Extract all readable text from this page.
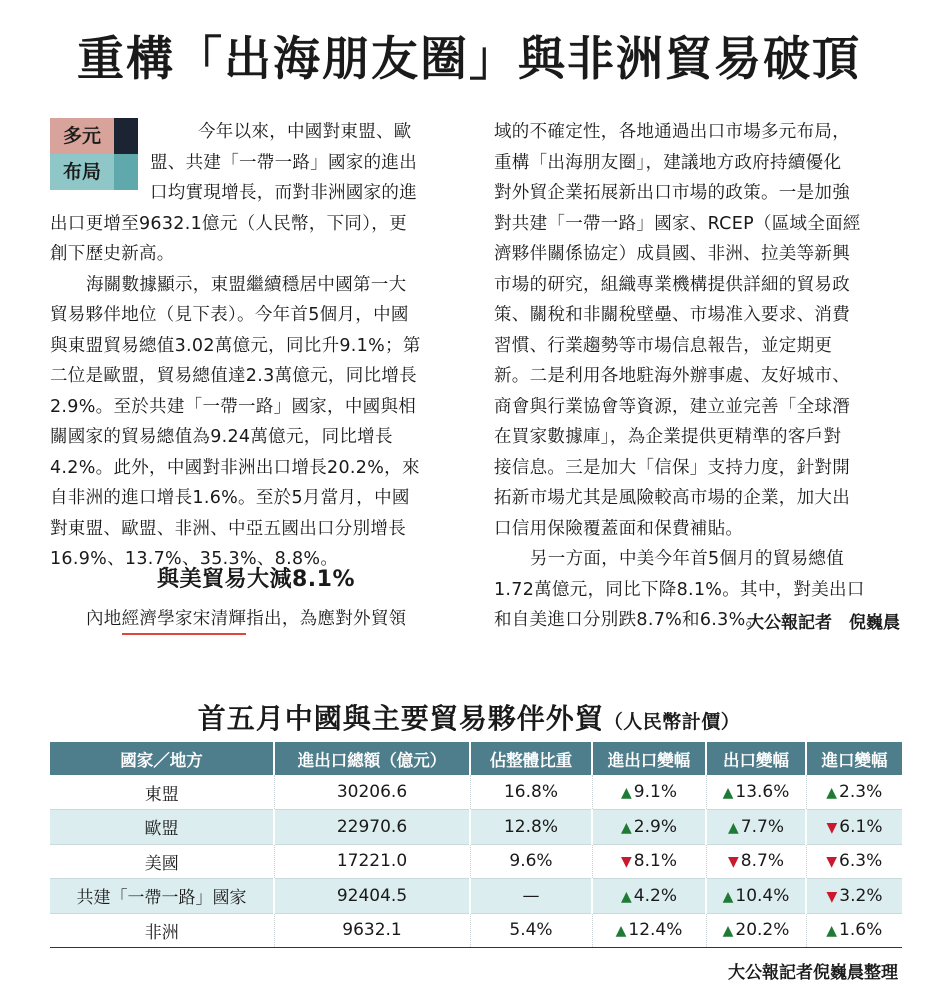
重構「出海朋友圈」與非洲貿易破頂
多元
布局
今年以來，中國對東盟、歐
盟、共建「一帶一路」國家的進出
口均實現增長，而對非洲國家的進
出口更增至9632.1億元（人民幣，下同），更
創下歷史新高。
海關數據顯示，東盟繼續穩居中國第一大
貿易夥伴地位（見下表）。今年首5個月，中國
與東盟貿易總值3.02萬億元，同比升9.1%；第
二位是歐盟，貿易總值達2.3萬億元，同比增長
2.9%。至於共建「一帶一路」國家，中國與相
關國家的貿易總值為9.24萬億元，同比增長
4.2%。此外，中國對非洲出口增長20.2%，來
自非洲的進口增長1.6%。至於5月當月，中國
對東盟、歐盟、非洲、中亞五國出口分別增長
16.9%、13.7%、35.3%、8.8%。
與美貿易大減8.1%
內地經濟學家宋清輝指出，為應對外貿領
域的不確定性，各地通過出口市場多元布局，
重構「出海朋友圈」，建議地方政府持續優化
對外貿企業拓展新出口市場的政策。一是加強
對共建「一帶一路」國家、RCEP（區域全面經
濟夥伴關係協定）成員國、非洲、拉美等新興
市場的研究，組織專業機構提供詳細的貿易政
策、關稅和非關稅壁壘、市場准入要求、消費
習慣、行業趨勢等市場信息報告，並定期更
新。二是利用各地駐海外辦事處、友好城市、
商會與行業協會等資源，建立並完善「全球潛
在買家數據庫」，為企業提供更精準的客戶對
接信息。三是加大「信保」支持力度，針對開
拓新市場尤其是風險較高市場的企業，加大出
口信用保險覆蓋面和保費補貼。
另一方面，中美今年首5個月的貿易總值
1.72萬億元，同比下降8.1%。其中，對美出口
和自美進口分別跌8.7%和6.3%。
大公報記者　倪巍晨
首五月中國與主要貿易夥伴外貿（人民幣計價）
國家／地方	進出口總額（億元）	佔整體比重	進出口變幅	出口變幅	進口變幅
東盟	30206.6	16.8%	▲ 9.1%	▲ 13.6%	▲ 2.3%
歐盟	22970.6	12.8%	▲ 2.9%	▲ 7.7%	▼ 6.1%
美國	17221.0	9.6%	▼ 8.1%	▼ 8.7%	▼ 6.3%
共建「一帶一路」國家	92404.5	—	▲ 4.2%	▲ 10.4%	▼ 3.2%
非洲	9632.1	5.4%	▲ 12.4%	▲ 20.2%	▲ 1.6%
大公報記者倪巍晨整理
